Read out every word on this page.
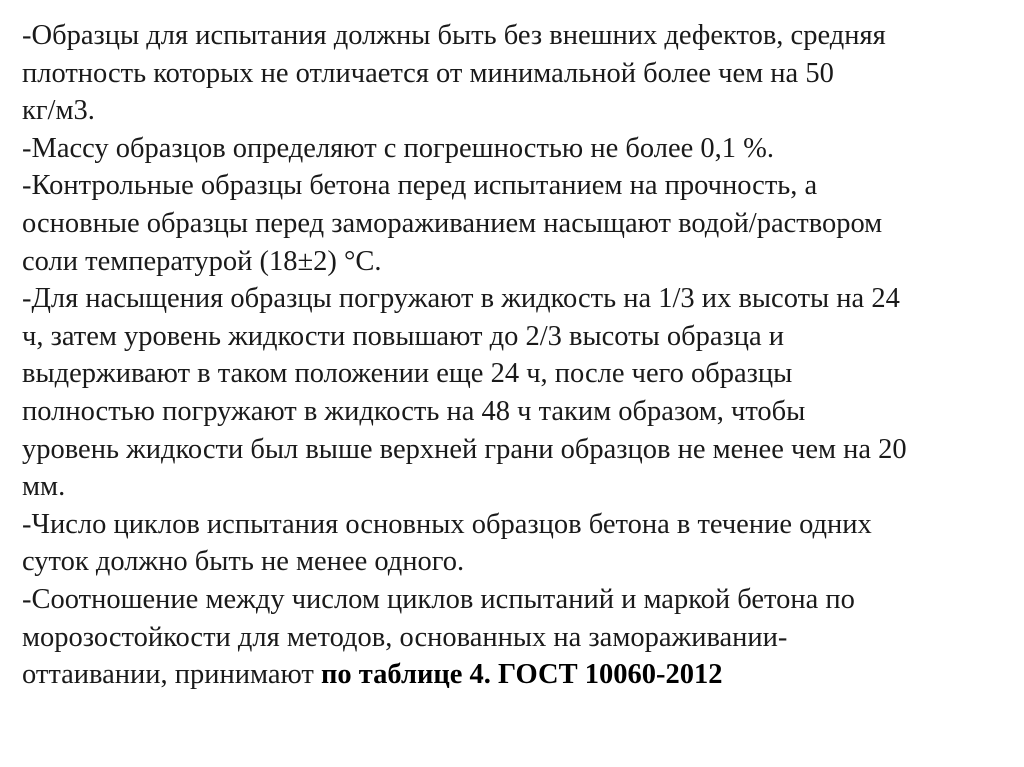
-Образцы для испытания должны быть без внешних дефектов, средняя
плотность которых не отличается от минимальной более чем на 50
кг/м3.

-Массу образцов определяют с погрешностью не более 0,1 %.

-Контрольные образцы бетона перед испытанием на прочность, а
основные образцы перед замораживанием насыщают водой/раствором
соли температурой (18±2) °С.

-Для насыщения образцы погружают в жидкость на 1/3 их высоты на 24
ч, затем уровень жидкости повышают до 2/3 высоты образца и
выдерживают в таком положении еще 24 ч, после чего образцы
полностью погружают в жидкость на 48 ч таким образом, чтобы
уровень жидкости был выше верхней грани образцов не менее чем на 20
мм.

-Число циклов испытания основных образцов бетона в течение одних
суток должно быть не менее одного.

-Соотношение между числом циклов испытаний и маркой бетона по
морозостойкости для методов, основанных на замораживании-
оттаивании, принимают по таблице 4. ГОСТ 10060-2012
